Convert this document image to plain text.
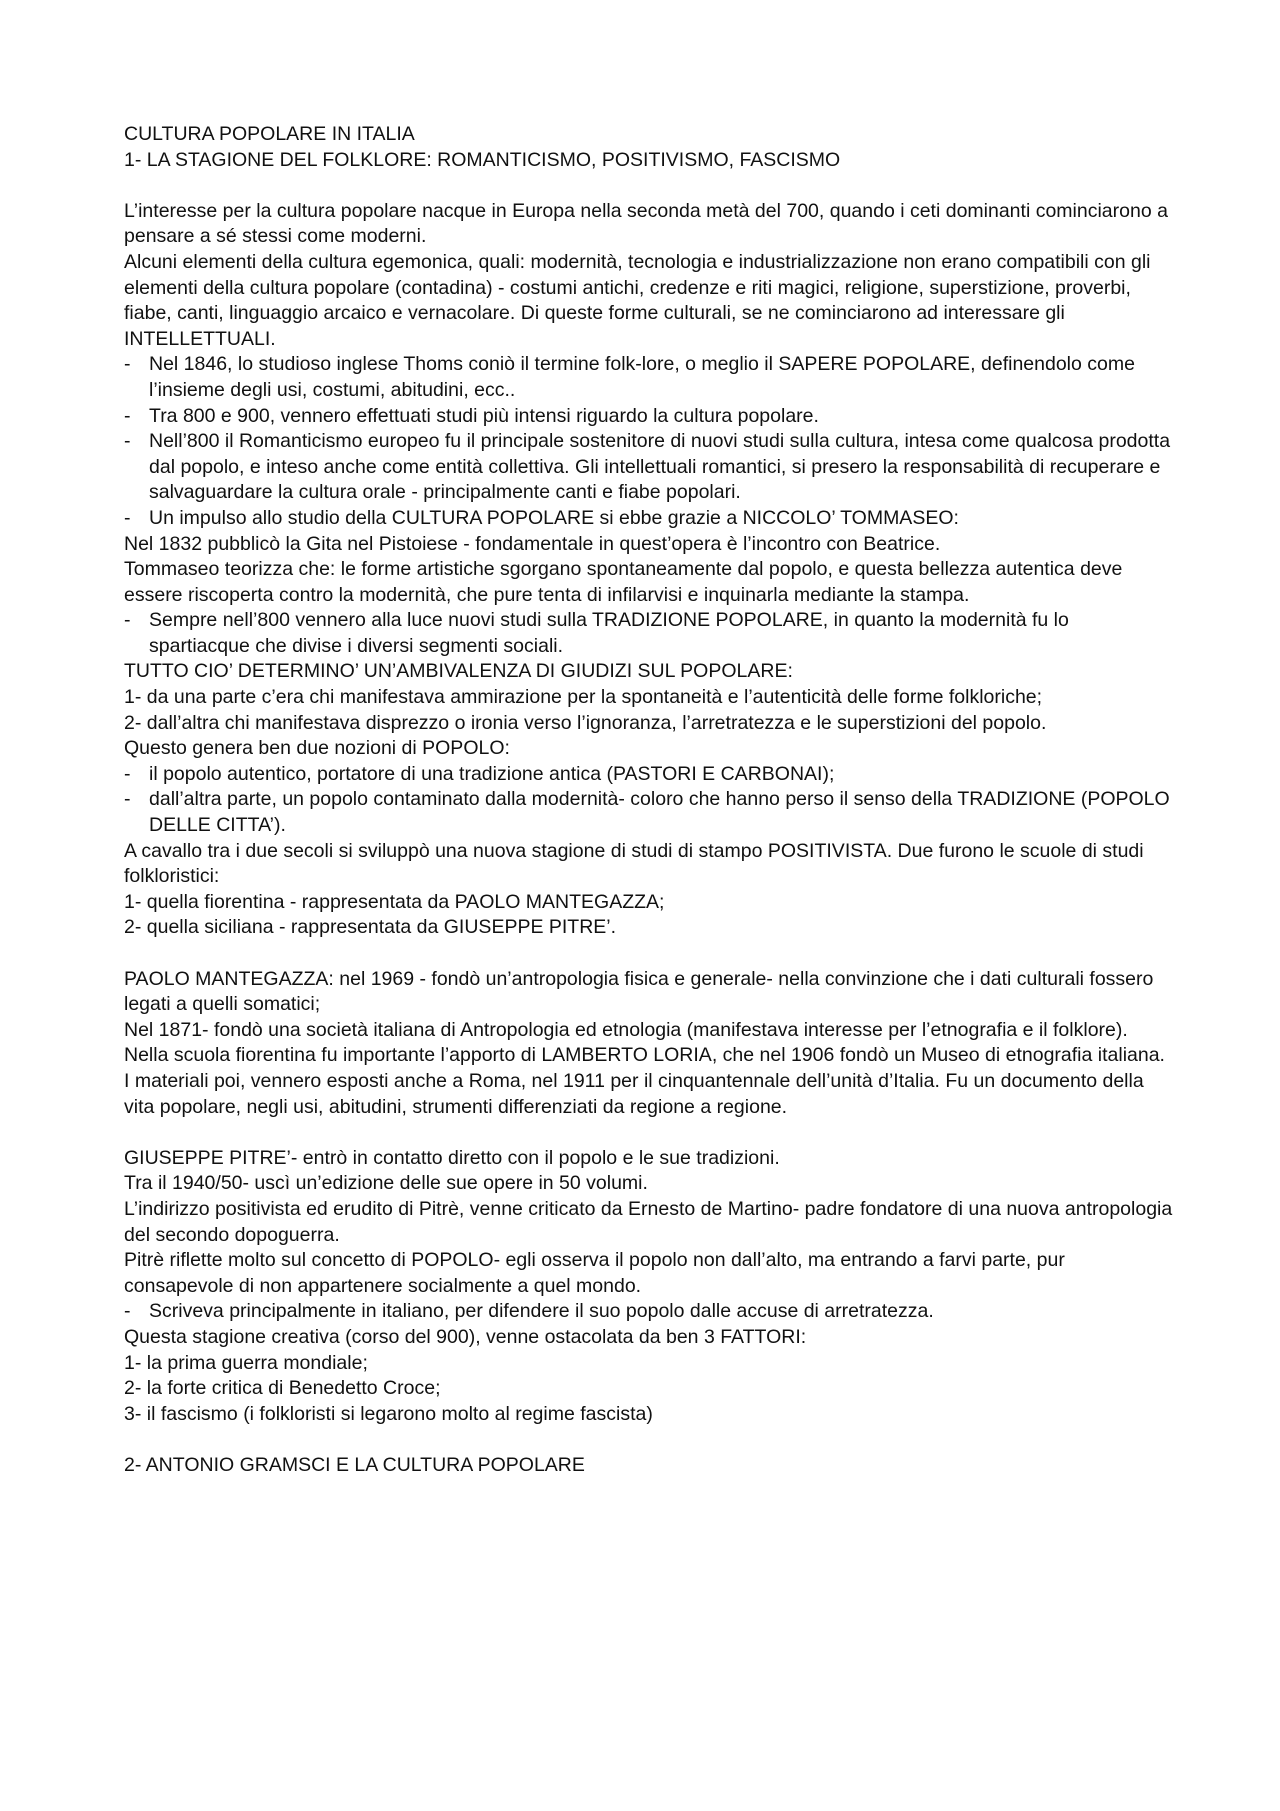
CULTURA POPOLARE IN ITALIA

1- LA STAGIONE DEL FOLKLORE: ROMANTICISMO, POSITIVISMO, FASCISMO

L’interesse per la cultura popolare nacque in Europa nella seconda metà del 700, quando i ceti dominanti cominciarono a pensare a sé stessi come moderni.

Alcuni elementi della cultura egemonica, quali: modernità, tecnologia e industrializzazione non erano compatibili con gli elementi della cultura popolare (contadina) - costumi antichi, credenze e riti magici, religione, superstizione, proverbi, fiabe, canti, linguaggio arcaico e vernacolare. Di queste forme culturali, se ne cominciarono ad interessare gli INTELLETTUALI.

- Nel 1846, lo studioso inglese Thoms coniò il termine folk-lore, o meglio il SAPERE POPOLARE, definendolo come l’insieme degli usi, costumi, abitudini, ecc..

- Tra 800 e 900, vennero effettuati studi più intensi riguardo la cultura popolare.

- Nell’800 il Romanticismo europeo fu il principale sostenitore di nuovi studi sulla cultura, intesa come qualcosa prodotta dal popolo, e inteso anche come entità collettiva. Gli intellettuali romantici, si presero la responsabilità di recuperare e salvaguardare la cultura orale - principalmente canti e fiabe popolari.

- Un impulso allo studio della CULTURA POPOLARE si ebbe grazie a NICCOLO’ TOMMASEO:

Nel 1832 pubblicò la Gita nel Pistoiese - fondamentale in quest’opera è l’incontro con Beatrice.

Tommaseo teorizza che: le forme artistiche sgorgano spontaneamente dal popolo, e questa bellezza autentica deve essere riscoperta contro la modernità, che pure tenta di infilarvisi e inquinarla mediante la stampa.

- Sempre nell’800 vennero alla luce nuovi studi sulla TRADIZIONE POPOLARE, in quanto la modernità fu lo spartiacque che divise i diversi segmenti sociali.

TUTTO CIO’ DETERMINO’ UN’AMBIVALENZA DI GIUDIZI SUL POPOLARE:

1- da una parte c’era chi manifestava ammirazione per la spontaneità e l’autenticità delle forme folkloriche;

2- dall’altra chi manifestava disprezzo o ironia verso l’ignoranza, l’arretratezza e le superstizioni del popolo.

Questo genera ben due nozioni di POPOLO:

- il popolo autentico, portatore di una tradizione antica (PASTORI E CARBONAI);

- dall’altra parte, un popolo contaminato dalla modernità- coloro che hanno perso il senso della TRADIZIONE (POPOLO DELLE CITTA’).

A cavallo tra i due secoli si sviluppò una nuova stagione di studi di stampo POSITIVISTA. Due furono le scuole di studi folkloristici:

1- quella fiorentina - rappresentata da PAOLO MANTEGAZZA;

2- quella siciliana - rappresentata da GIUSEPPE PITRE’.

PAOLO MANTEGAZZA: nel 1969 - fondò un’antropologia fisica e generale- nella convinzione che i dati culturali fossero legati a quelli somatici;

Nel 1871- fondò una società italiana di Antropologia ed etnologia (manifestava interesse per l’etnografia e il folklore).

Nella scuola fiorentina fu importante l’apporto di LAMBERTO LORIA, che nel 1906 fondò un Museo di etnografia italiana. I materiali poi, vennero esposti anche a Roma, nel 1911 per il cinquantennale dell’unità d’Italia. Fu un documento della vita popolare, negli usi, abitudini, strumenti differenziati da regione a regione.

GIUSEPPE PITRE’- entrò in contatto diretto con il popolo e le sue tradizioni.

Tra il 1940/50- uscì un’edizione delle sue opere in 50 volumi.

L’indirizzo positivista ed erudito di Pitrè, venne criticato da Ernesto de Martino- padre fondatore di una nuova antropologia del secondo dopoguerra.

Pitrè riflette molto sul concetto di POPOLO- egli osserva il popolo non dall’alto, ma entrando a farvi parte, pur consapevole di non appartenere socialmente a quel mondo.

- Scriveva principalmente in italiano, per difendere il suo popolo dalle accuse di arretratezza.

Questa stagione creativa (corso del 900), venne ostacolata da ben 3 FATTORI:

1- la prima guerra mondiale;

2- la forte critica di Benedetto Croce;

3- il fascismo (i folkloristi si legarono molto al regime fascista)

2- ANTONIO GRAMSCI E LA CULTURA POPOLARE
